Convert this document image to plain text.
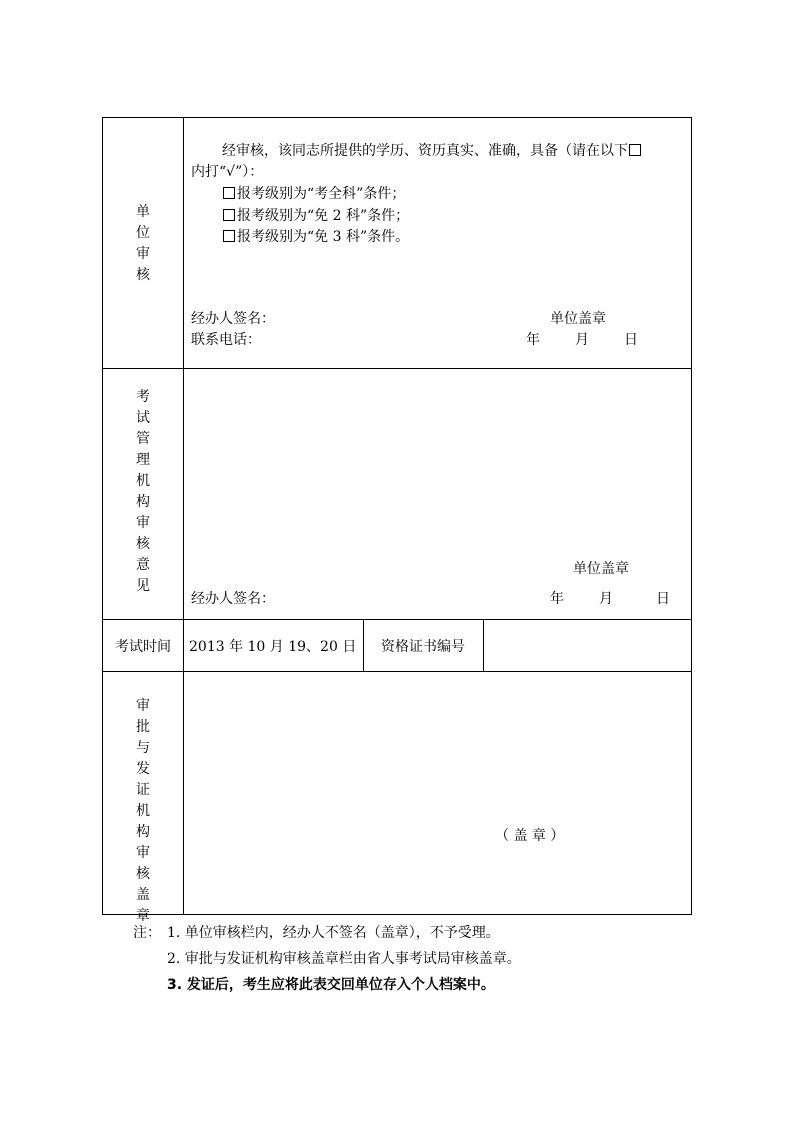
单
位
审
核
经审核，该同志所提供的学历、资历真实、准确，具备（请在以下
内打“√”）：
报考级别为“考全科”条件；
报考级别为“免 2 科”条件；
报考级别为“免 3 科”条件。
经办人签名：	单位盖章
联系电话：	年	月	日
考
试
管
理
机
构
审
核
意
见
单位盖章
经办人签名：	年	月	日
考试时间	2013 年 10 月 19、20 日	资格证书编号
审
批
与
发
证
机
构
审
核
盖
章
（ 盖 章 ）
注： 1. 单位审核栏内，经办人不签名（盖章），不予受理。
2. 审批与发证机构审核盖章栏由省人事考试局审核盖章。
3. 发证后，考生应将此表交回单位存入个人档案中。
